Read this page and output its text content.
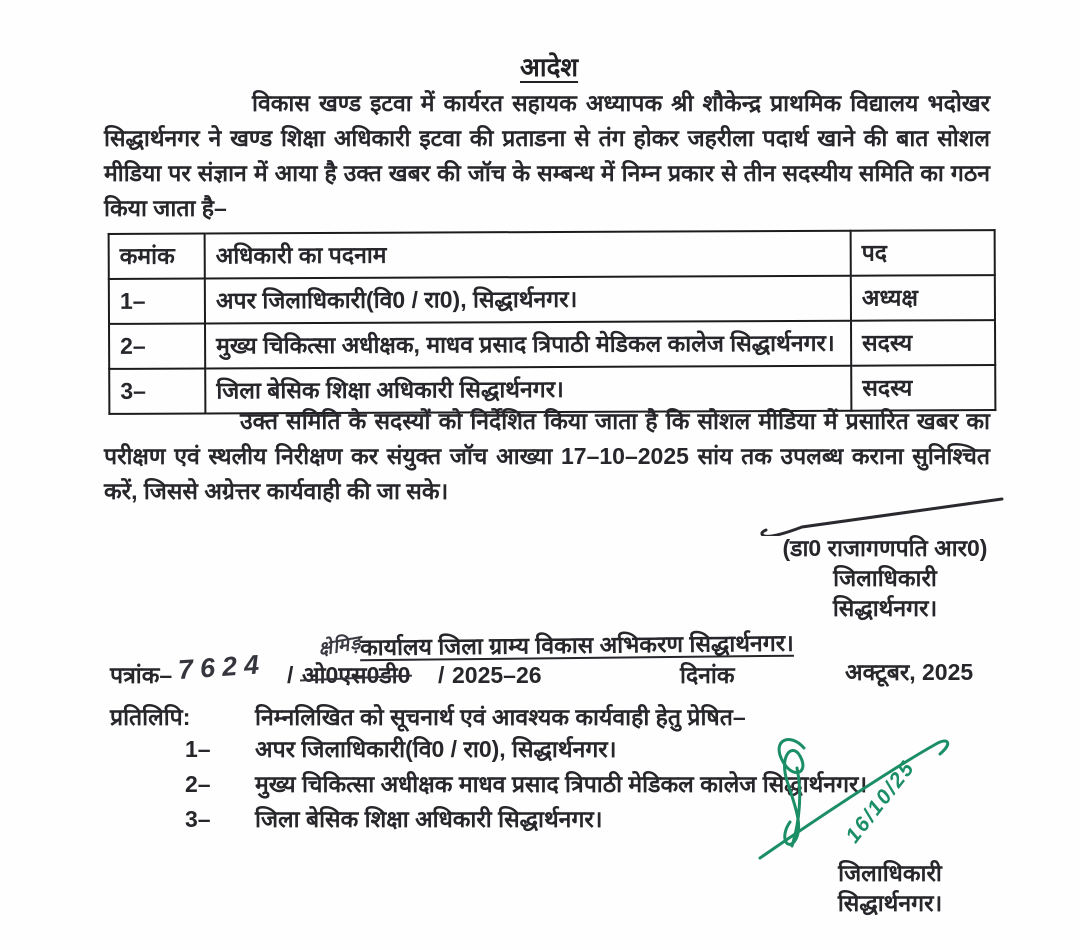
आदेश
विकास खण्ड इटवा में कार्यरत सहायक अध्यापक श्री शौकेन्द्र प्राथमिक विद्यालय भदोखर सिद्धार्थनगर ने खण्ड शिक्षा अधिकारी इटवा की प्रताडना से तंग होकर जहरीला पदार्थ खाने की बात सोशल मीडिया पर संज्ञान में आया है उक्त खबर की जॉच के सम्बन्ध में निम्न प्रकार से तीन सदस्यीय समिति का गठन किया जाता है–
कमांक	अधिकारी का पदनाम	पद
1–	अपर जिलाधिकारी(वि0 / रा0), सिद्धार्थनगर।	अध्यक्ष
2–	मुख्य चिकित्सा अधीक्षक, माधव प्रसाद त्रिपाठी मेडिकल कालेज सिद्धार्थनगर।	सदस्य
3–	जिला बेसिक शिक्षा अधिकारी सिद्धार्थनगर।	सदस्य
उक्त समिति के सदस्यों को निर्देशित किया जाता है कि सोशल मीडिया में प्रसारित खबर का परीक्षण एवं स्थलीय निरीक्षण कर संयुक्त जॉच आख्या 17–10–2025 सांय तक उपलब्ध कराना सुनिश्चित करें, जिससे अग्रेत्तर कार्यवाही की जा सके।
(डा0 राजागणपति आर0)
जिलाधिकारी
सिद्धार्थनगर।
कार्यालय जिला ग्राम्य विकास अभिकरण सिद्धार्थनगर।
पत्रांक– 7624 / ओ0एस0डी0
क्षेमिड़
/ 2025–26	दिनांक	अक्टूबर, 2025
प्रतिलिपि:	निम्नलिखित को सूचनार्थ एवं आवश्यक कार्यवाही हेतु प्रेषित–
1–	अपर जिलाधिकारी(वि0 / रा0), सिद्धार्थनगर।
2–	मुख्य चिकित्सा अधीक्षक माधव प्रसाद त्रिपाठी मेडिकल कालेज सिद्धार्थनगर।
3–	जिला बेसिक शिक्षा अधिकारी सिद्धार्थनगर।	16/10/25
जिलाधिकारी
सिद्धार्थनगर।
